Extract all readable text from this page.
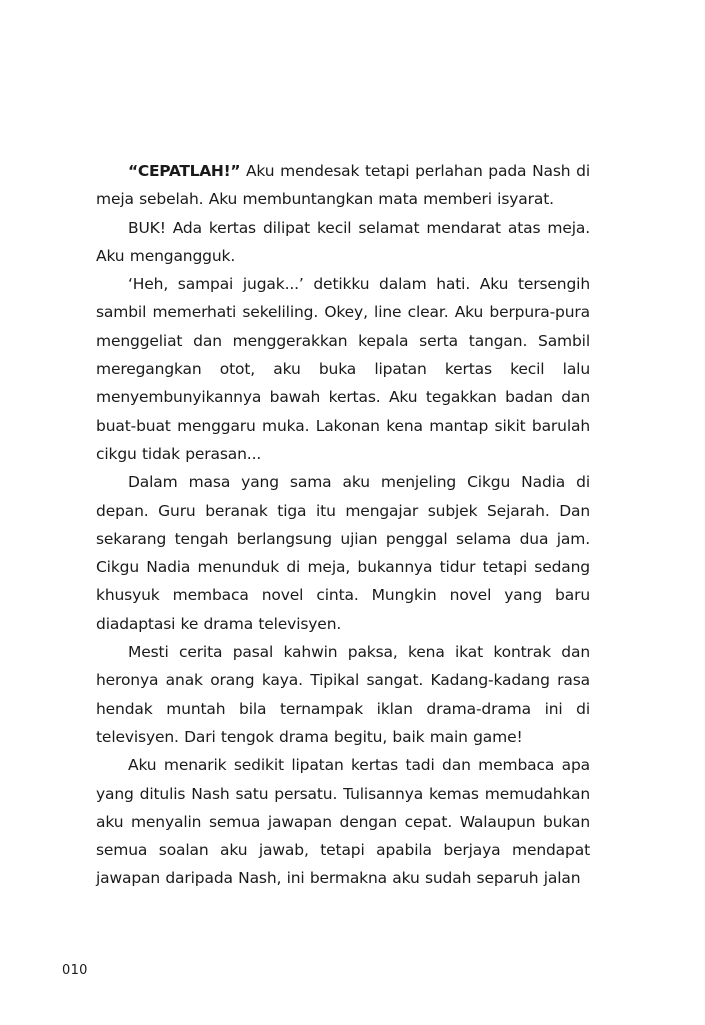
“CEPATLAH!” Aku mendesak tetapi perlahan pada Nash di meja sebelah. Aku membuntangkan mata memberi isyarat.

BUK! Ada kertas dilipat kecil selamat mendarat atas meja. Aku mengangguk.

‘Heh, sampai jugak...’ detikku dalam hati. Aku tersengih sambil memerhati sekeliling. Okey, line clear. Aku berpura-pura menggeliat dan menggerakkan kepala serta tangan. Sambil meregangkan otot, aku buka lipatan kertas kecil lalu menyembunyikannya bawah kertas. Aku tegakkan badan dan buat-buat menggaru muka. Lakonan kena mantap sikit barulah cikgu tidak perasan...

Dalam masa yang sama aku menjeling Cikgu Nadia di depan. Guru beranak tiga itu mengajar subjek Sejarah. Dan sekarang tengah berlangsung ujian penggal selama dua jam. Cikgu Nadia menunduk di meja, bukannya tidur tetapi sedang khusyuk membaca novel cinta. Mungkin novel yang baru diadaptasi ke drama televisyen.

Mesti cerita pasal kahwin paksa, kena ikat kontrak dan heronya anak orang kaya. Tipikal sangat. Kadang-kadang rasa hendak muntah bila ternampak iklan drama-drama ini di televisyen. Dari tengok drama begitu, baik main game!

Aku menarik sedikit lipatan kertas tadi dan membaca apa yang ditulis Nash satu persatu. Tulisannya kemas memudahkan aku menyalin semua jawapan dengan cepat. Walaupun bukan semua soalan aku jawab, tetapi apabila berjaya mendapat jawapan daripada Nash, ini bermakna aku sudah separuh jalan

010
